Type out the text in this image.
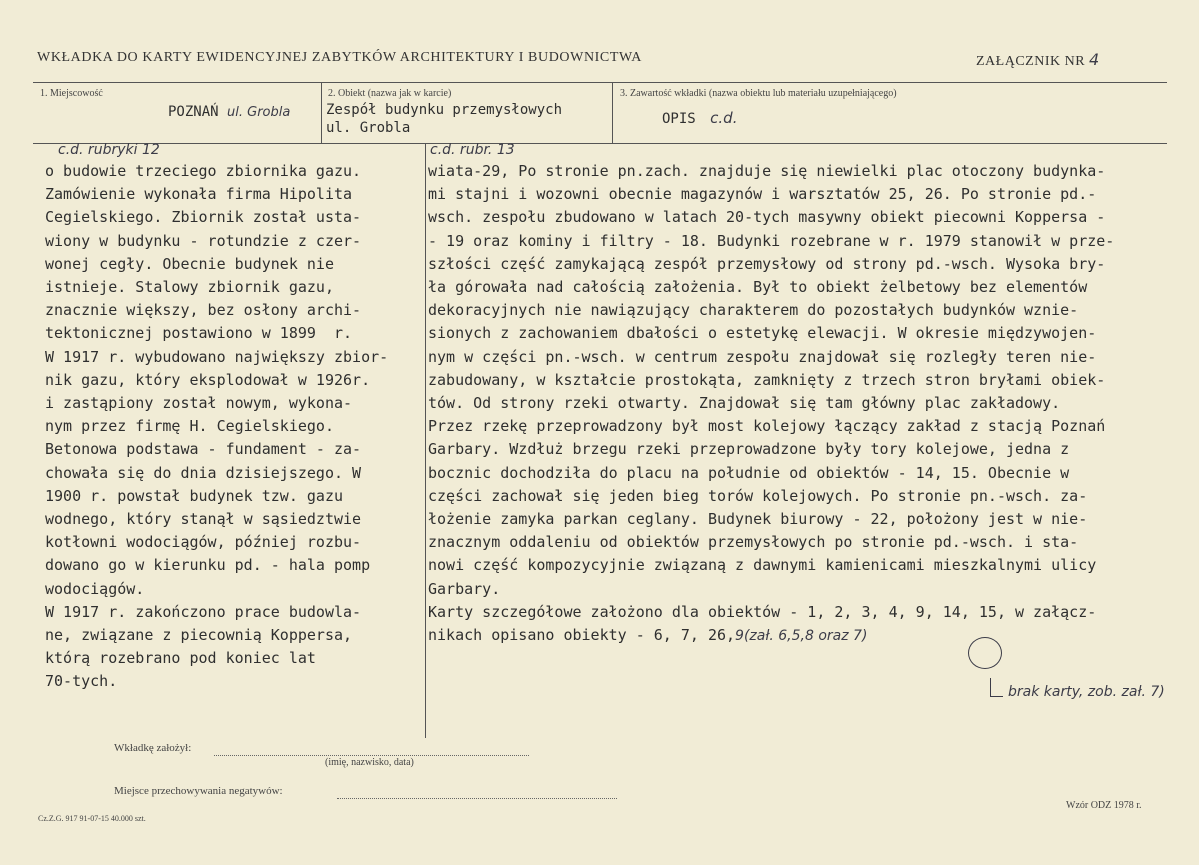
WKŁADKA DO KARTY EWIDENCYJNEJ ZABYTKÓW ARCHITEKTURY I BUDOWNICTWA	ZAŁĄCZNIK NR 4
1. Miejscowość
POZNAŃ ul. Grobla
2. Obiekt (nazwa jak w karcie)
Zespół budynku przemysłowych
ul. Grobla
3. Zawartość wkładki (nazwa obiektu lub materiału uzupełniającego)
OPIS c.d.
c.d. rubryki 12	c.d. rubr. 13
o budowie trzeciego zbiornika gazu.
Zamówienie wykonała firma Hipolita
Cegielskiego. Zbiornik został usta-
wiony w budynku - rotundzie z czer-
wonej cegły. Obecnie budynek nie
istnieje. Stalowy zbiornik gazu,
znacznie większy, bez osłony archi-
tektonicznej postawiono w 1899  r.
W 1917 r. wybudowano największy zbior-
nik gazu, który eksplodował w 1926r.
i zastąpiony został nowym, wykona-
nym przez firmę H. Cegielskiego.
Betonowa podstawa - fundament - za-
chowała się do dnia dzisiejszego. W
1900 r. powstał budynek tzw. gazu
wodnego, który stanął w sąsiedztwie
kotłowni wodociągów, później rozbu-
dowano go w kierunku pd. - hala pomp
wodociągów.
W 1917 r. zakończono prace budowla-
ne, związane z piecownią Koppersa,
którą rozebrano pod koniec lat
70-tych.
wiata-29, Po stronie pn.zach. znajduje się niewielki plac otoczony budynka-
mi stajni i wozowni obecnie magazynów i warsztatów 25, 26. Po stronie pd.-
wsch. zespołu zbudowano w latach 20-tych masywny obiekt piecowni Koppersa -
- 19 oraz kominy i filtry - 18. Budynki rozebrane w r. 1979 stanowił w prze-
szłości część zamykającą zespół przemysłowy od strony pd.-wsch. Wysoka bry-
ła górowała nad całością założenia. Był to obiekt żelbetowy bez elementów
dekoracyjnych nie nawiązujący charakterem do pozostałych budynków wznie-
sionych z zachowaniem dbałości o estetykę elewacji. W okresie międzywojen-
nym w części pn.-wsch. w centrum zespołu znajdował się rozległy teren nie-
zabudowany, w kształcie prostokąta, zamknięty z trzech stron bryłami obiek-
tów. Od strony rzeki otwarty. Znajdował się tam główny plac zakładowy.
Przez rzekę przeprowadzony był most kolejowy łączący zakład z stacją Poznań
Garbary. Wzdłuż brzegu rzeki przeprowadzone były tory kolejowe, jedna z
bocznic dochodziła do placu na południe od obiektów - 14, 15. Obecnie w
części zachował się jeden bieg torów kolejowych. Po stronie pn.-wsch. za-
łożenie zamyka parkan ceglany. Budynek biurowy - 22, położony jest w nie-
znacznym oddaleniu od obiektów przemysłowych po stronie pd.-wsch. i sta-
nowi część kompozycyjnie związaną z dawnymi kamienicami mieszkalnymi ulicy
Garbary.
Karty szczegółowe założono dla obiektów - 1, 2, 3, 4, 9, 14, 15, w załącz-
nikach opisano obiekty - 6, 7, 26,9(zał. 6,5,8 oraz 7)
brak karty, zob. zał. 7)
Wkładkę założył:
(imię, nazwisko, data)
Miejsce przechowywania negatywów:
Wzór ODZ 1978 r.
Cz.Z.G. 917 91-07-15 40.000 szt.
